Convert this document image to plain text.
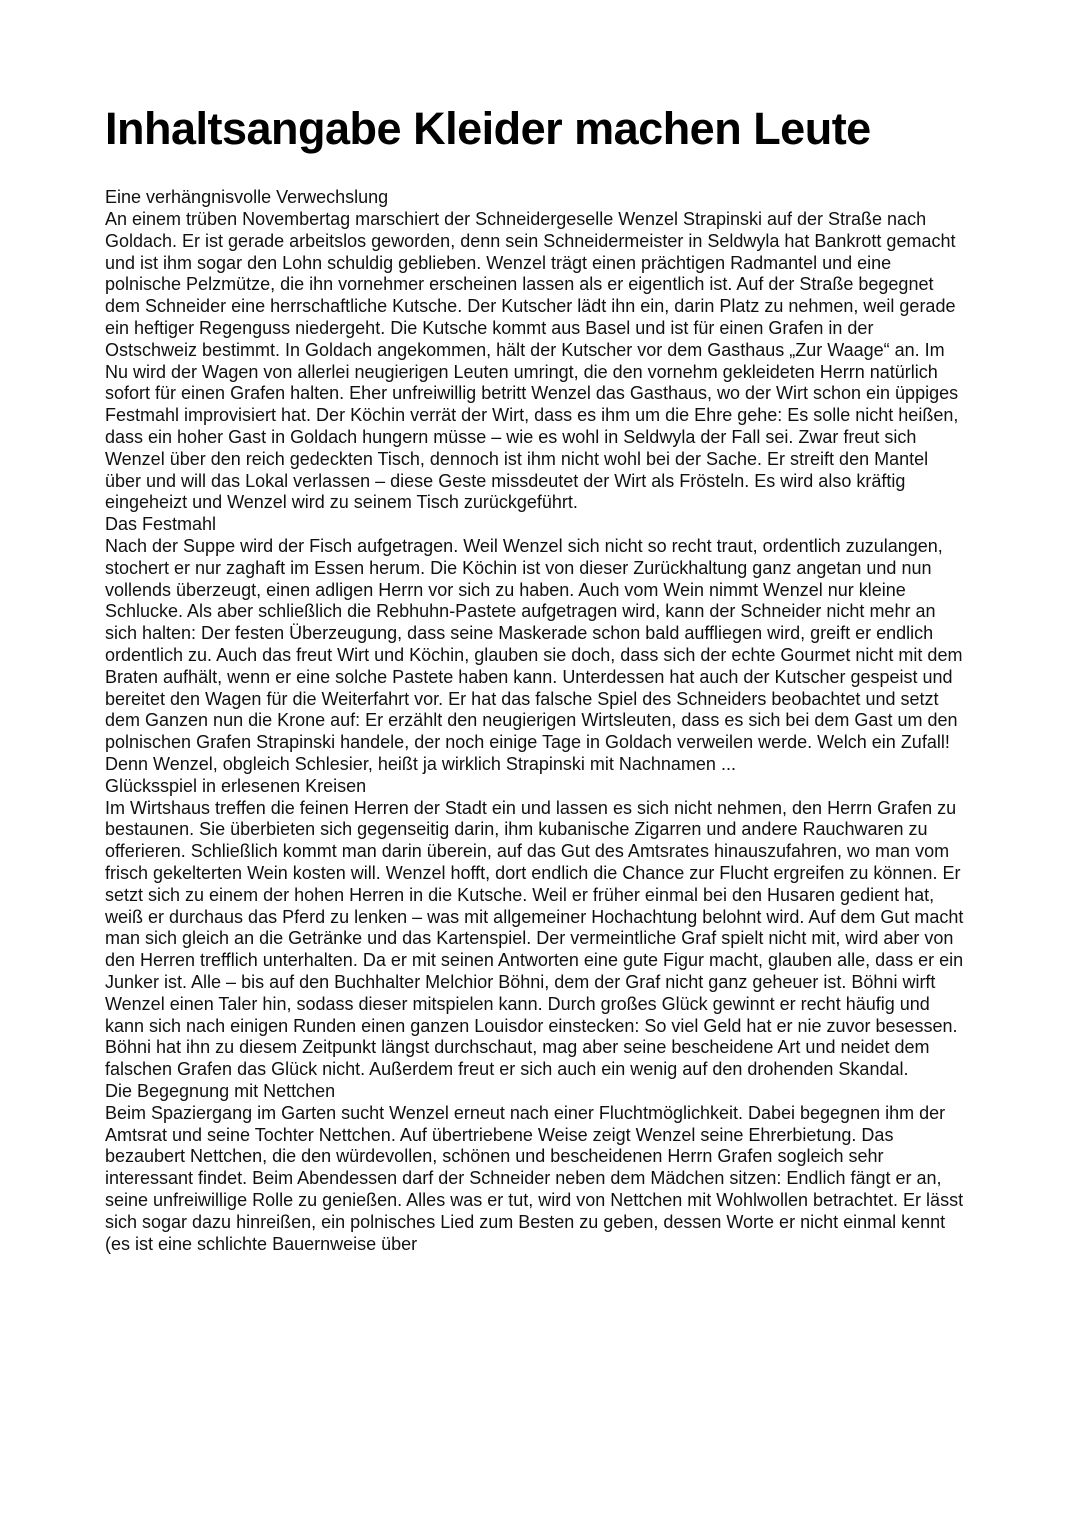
Inhaltsangabe Kleider machen Leute
Eine verhängnisvolle Verwechslung

An einem trüben Novembertag marschiert der Schneidergeselle Wenzel Strapinski auf der Straße nach Goldach. Er ist gerade arbeitslos geworden, denn sein Schneidermeister in Seldwyla hat Bankrott gemacht und ist ihm sogar den Lohn schuldig geblieben. Wenzel trägt einen prächtigen Radmantel und eine polnische Pelzmütze, die ihn vornehmer erscheinen lassen als er eigentlich ist. Auf der Straße begegnet dem Schneider eine herrschaftliche Kutsche. Der Kutscher lädt ihn ein, darin Platz zu nehmen, weil gerade ein heftiger Regenguss niedergeht. Die Kutsche kommt aus Basel und ist für einen Grafen in der Ostschweiz bestimmt. In Goldach angekommen, hält der Kutscher vor dem Gasthaus „Zur Waage“ an. Im Nu wird der Wagen von allerlei neugierigen Leuten umringt, die den vornehm gekleideten Herrn natürlich sofort für einen Grafen halten. Eher unfreiwillig betritt Wenzel das Gasthaus, wo der Wirt schon ein üppiges Festmahl improvisiert hat. Der Köchin verrät der Wirt, dass es ihm um die Ehre gehe: Es solle nicht heißen, dass ein hoher Gast in Goldach hungern müsse – wie es wohl in Seldwyla der Fall sei. Zwar freut sich Wenzel über den reich gedeckten Tisch, dennoch ist ihm nicht wohl bei der Sache. Er streift den Mantel über und will das Lokal verlassen – diese Geste missdeutet der Wirt als Frösteln. Es wird also kräftig eingeheizt und Wenzel wird zu seinem Tisch zurückgeführt.

Das Festmahl

Nach der Suppe wird der Fisch aufgetragen. Weil Wenzel sich nicht so recht traut, ordentlich zuzulangen, stochert er nur zaghaft im Essen herum. Die Köchin ist von dieser Zurückhaltung ganz angetan und nun vollends überzeugt, einen adligen Herrn vor sich zu haben. Auch vom Wein nimmt Wenzel nur kleine Schlucke. Als aber schließlich die Rebhuhn-Pastete aufgetragen wird, kann der Schneider nicht mehr an sich halten: Der festen Überzeugung, dass seine Maskerade schon bald auffliegen wird, greift er endlich ordentlich zu. Auch das freut Wirt und Köchin, glauben sie doch, dass sich der echte Gourmet nicht mit dem Braten aufhält, wenn er eine solche Pastete haben kann. Unterdessen hat auch der Kutscher gespeist und bereitet den Wagen für die Weiterfahrt vor. Er hat das falsche Spiel des Schneiders beobachtet und setzt dem Ganzen nun die Krone auf: Er erzählt den neugierigen Wirtsleuten, dass es sich bei dem Gast um den polnischen Grafen Strapinski handele, der noch einige Tage in Goldach verweilen werde. Welch ein Zufall! Denn Wenzel, obgleich Schlesier, heißt ja wirklich Strapinski mit Nachnamen ...

Glücksspiel in erlesenen Kreisen

Im Wirtshaus treffen die feinen Herren der Stadt ein und lassen es sich nicht nehmen, den Herrn Grafen zu bestaunen. Sie überbieten sich gegenseitig darin, ihm kubanische Zigarren und andere Rauchwaren zu offerieren. Schließlich kommt man darin überein, auf das Gut des Amtsrates hinauszufahren, wo man vom frisch gekelterten Wein kosten will. Wenzel hofft, dort endlich die Chance zur Flucht ergreifen zu können. Er setzt sich zu einem der hohen Herren in die Kutsche. Weil er früher einmal bei den Husaren gedient hat, weiß er durchaus das Pferd zu lenken – was mit allgemeiner Hochachtung belohnt wird. Auf dem Gut macht man sich gleich an die Getränke und das Kartenspiel. Der vermeintliche Graf spielt nicht mit, wird aber von den Herren trefflich unterhalten. Da er mit seinen Antworten eine gute Figur macht, glauben alle, dass er ein Junker ist. Alle – bis auf den Buchhalter Melchior Böhni, dem der Graf nicht ganz geheuer ist. Böhni wirft Wenzel einen Taler hin, sodass dieser mitspielen kann. Durch großes Glück gewinnt er recht häufig und kann sich nach einigen Runden einen ganzen Louisdor einstecken: So viel Geld hat er nie zuvor besessen. Böhni hat ihn zu diesem Zeitpunkt längst durchschaut, mag aber seine bescheidene Art und neidet dem falschen Grafen das Glück nicht. Außerdem freut er sich auch ein wenig auf den drohenden Skandal.

Die Begegnung mit Nettchen

Beim Spaziergang im Garten sucht Wenzel erneut nach einer Fluchtmöglichkeit. Dabei begegnen ihm der Amtsrat und seine Tochter Nettchen. Auf übertriebene Weise zeigt Wenzel seine Ehrerbietung. Das bezaubert Nettchen, die den würdevollen, schönen und bescheidenen Herrn Grafen sogleich sehr interessant findet. Beim Abendessen darf der Schneider neben dem Mädchen sitzen: Endlich fängt er an, seine unfreiwillige Rolle zu genießen. Alles was er tut, wird von Nettchen mit Wohlwollen betrachtet. Er lässt sich sogar dazu hinreißen, ein polnisches Lied zum Besten zu geben, dessen Worte er nicht einmal kennt (es ist eine schlichte Bauernweise über
